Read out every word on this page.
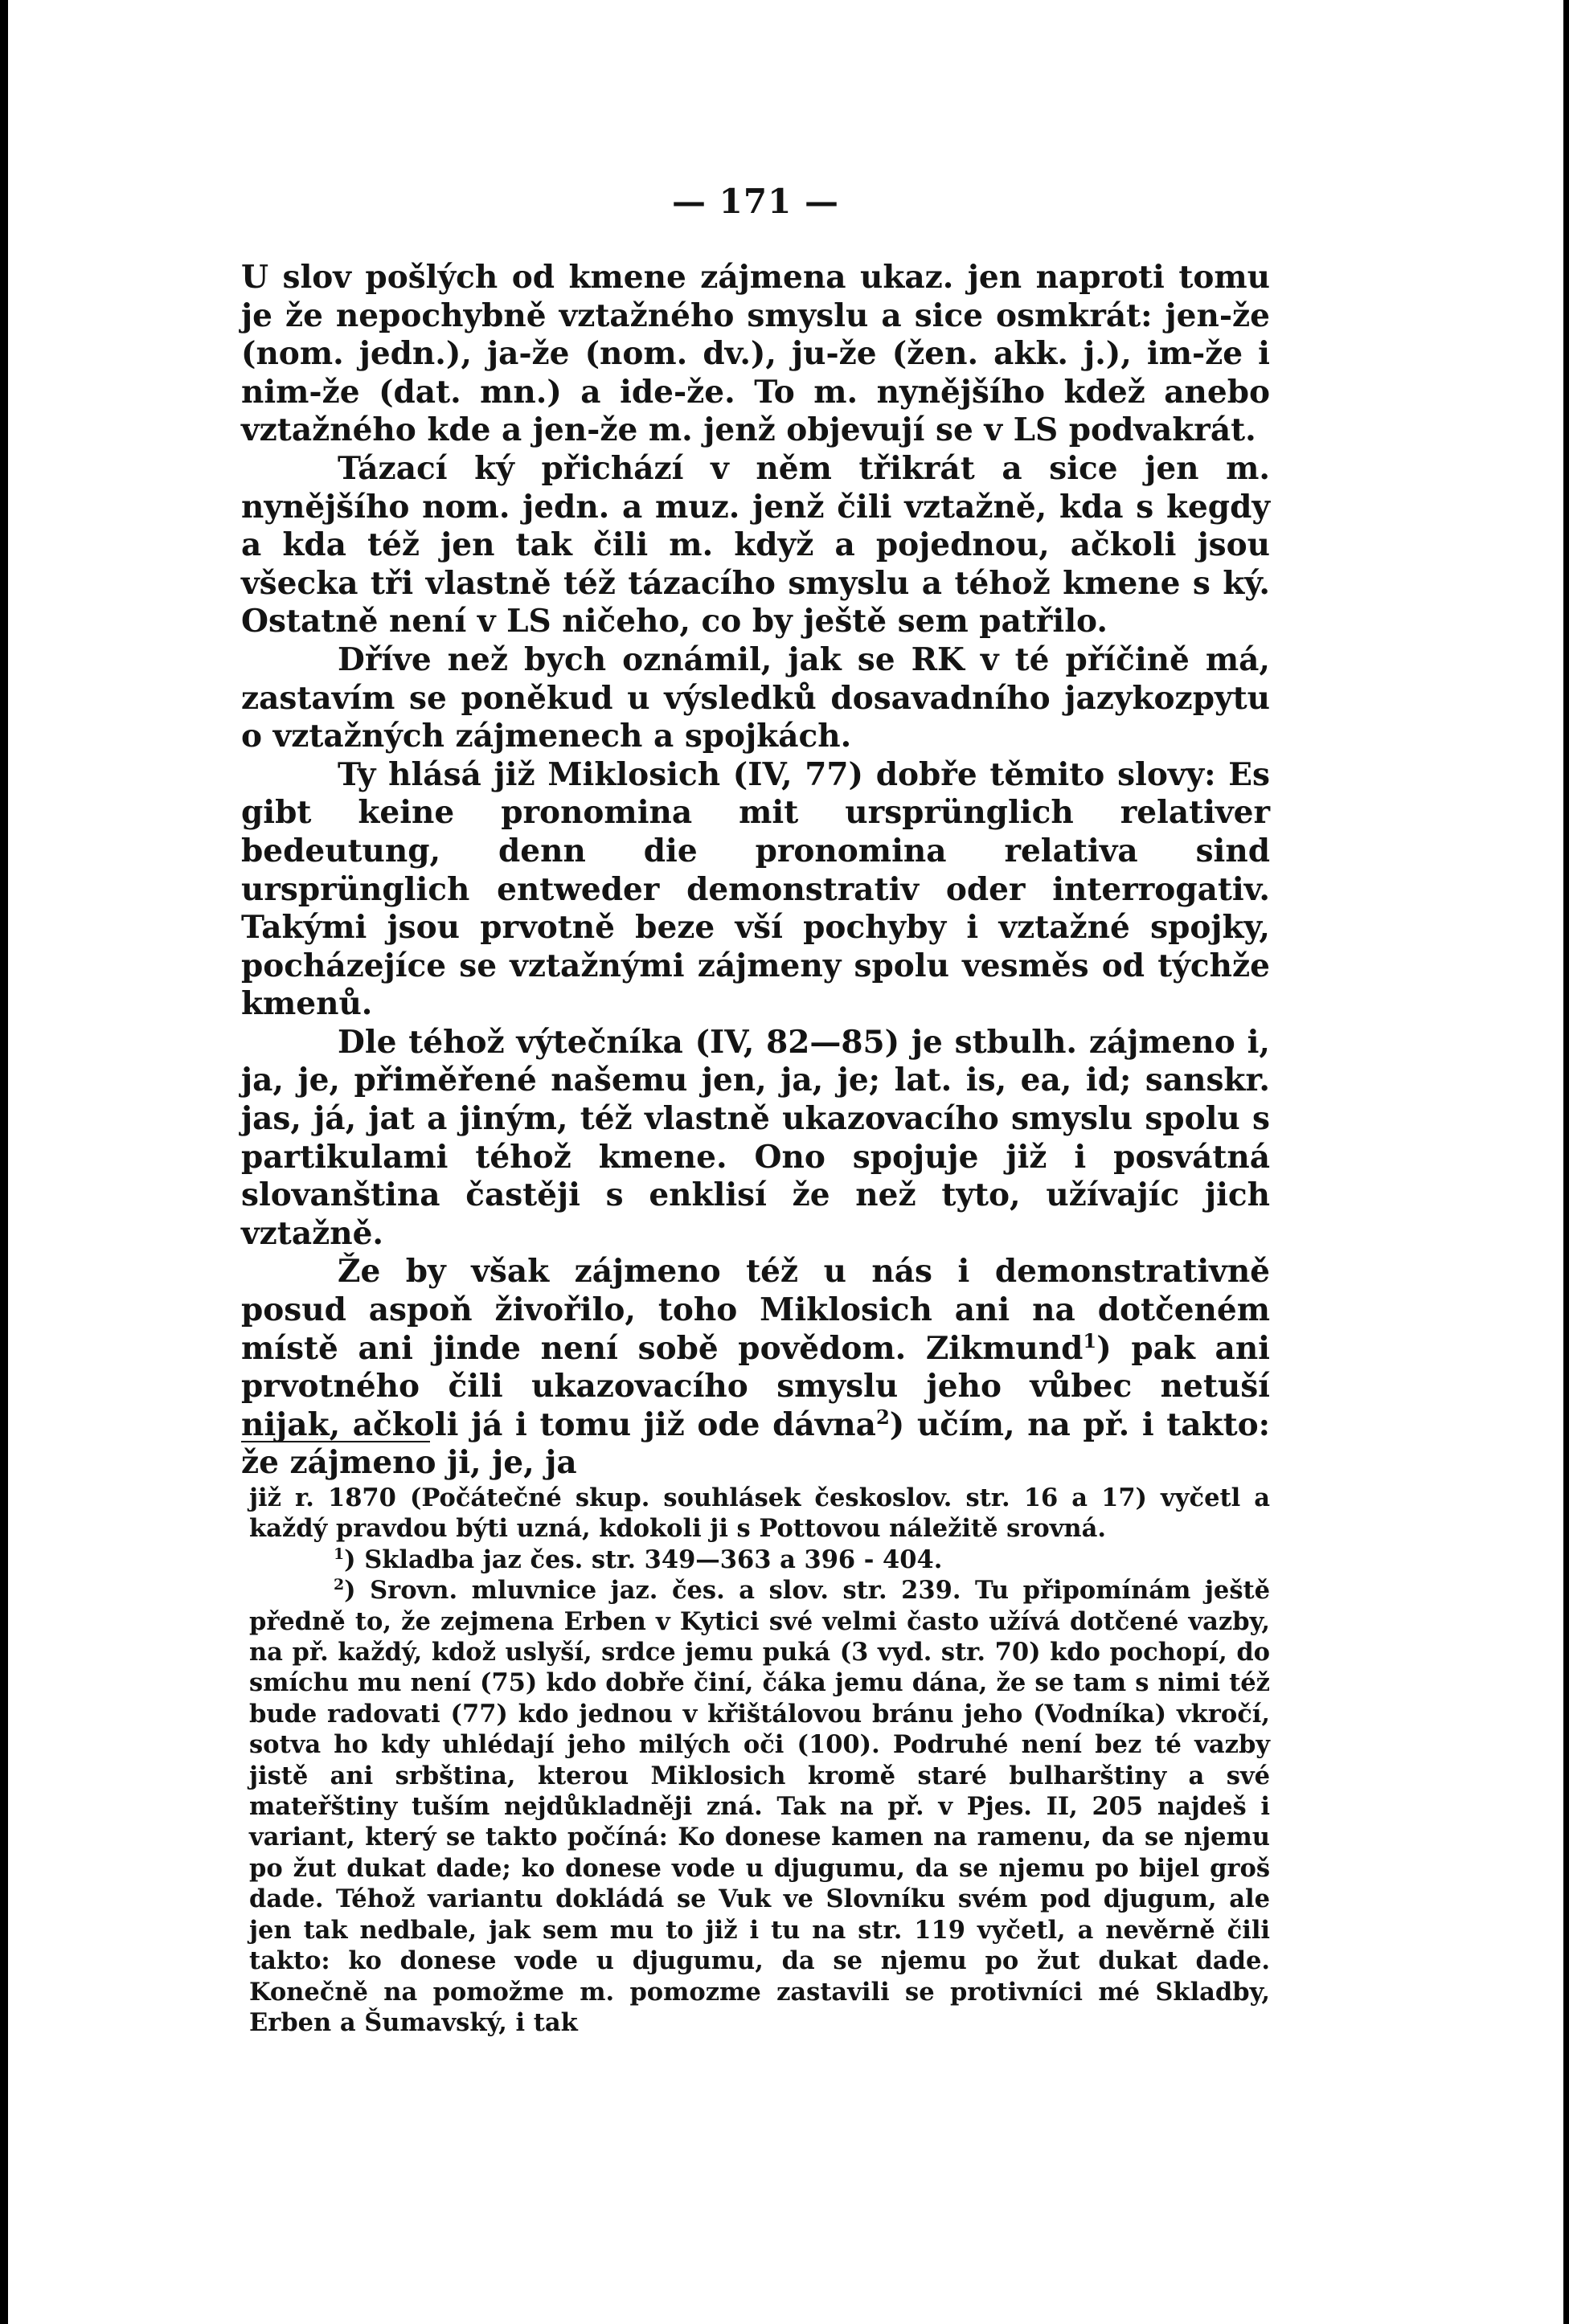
— 171 —

U slov pošlých od kmene zájmena ukaz. jen naproti tomu je že nepochybně vztažného smyslu a sice osmkrát: jen-že (nom. jedn.), ja-že (nom. dv.), ju-že (žen. akk. j.), im-že i nim-že (dat. mn.) a ide-že. To m. nynějšího kdež anebo vztažného kde a jen-že m. jenž objevují se v LS podvakrát.

Tázací ký přichází v něm třikrát a sice jen m. nynějšího nom. jedn. a muz. jenž čili vztažně, kda s kegdy a kda též jen tak čili m. když a pojednou, ačkoli jsou všecka tři vlastně též tázacího smyslu a téhož kmene s ký. Ostatně není v LS ničeho, co by ještě sem patřilo.

Dříve než bych oznámil, jak se RK v té příčině má, zastavím se poněkud u výsledků dosavadního jazykozpytu o vztažných zájmenech a spojkách.

Ty hlásá již Miklosich (IV, 77) dobře těmito slovy: Es gibt keine pronomina mit ursprünglich relativer bedeutung, denn die pronomina relativa sind ursprünglich entweder demonstrativ oder interrogativ. Takými jsou prvotně beze vší pochyby i vztažné spojky, pocházejíce se vztažnými zájmeny spolu vesměs od týchže kmenů.

Dle téhož výtečníka (IV, 82—85) je stbulh. zájmeno i, ja, je, přiměřené našemu jen, ja, je; lat. is, ea, id; sanskr. jas, já, jat a jiným, též vlastně ukazovacího smyslu spolu s partikulami téhož kmene. Ono spojuje již i posvátná slovanština častěji s enklisí že než tyto, užívajíc jich vztažně.

Že by však zájmeno též u nás i demonstrativně posud aspoň živořilo, toho Miklosich ani na dotčeném místě ani jinde není sobě povědom. Zikmund$^1$) pak ani prvotného čili ukazovacího smyslu jeho vůbec netuší nijak, ačkoli já i tomu již ode dávna$^2$) učím, na př. i takto: že zájmeno ji, je, ja

již r. 1870 (Počátečné skup. souhlásek českoslov. str. 16 a 17) vyčetl a každý pravdou býti uzná, kdokoli ji s Pottovou náležitě srovná.

$^1$) Skladba jaz čes. str. 349—363 a 396 - 404.

$^2$) Srovn. mluvnice jaz. čes. a slov. str. 239. Tu připomínám ještě předně to, že zejmena Erben v Kytici své velmi často užívá dotčené vazby, na př. každý, kdož uslyší, srdce jemu puká (3 vyd. str. 70) kdo pochopí, do smíchu mu není (75) kdo dobře činí, čáka jemu dána, že se tam s nimi též bude radovati (77) kdo jednou v křištálovou bránu jeho (Vodníka) vkročí, sotva ho kdy uhlédají jeho milých oči (100). Podruhé není bez té vazby jistě ani srbština, kterou Miklosich kromě staré bulharštiny a své mateřštiny tuším nejdůkladněji zná. Tak na př. v Pjes. II, 205 najdeš i variant, který se takto počíná: Ko donese kamen na ramenu, da se njemu po žut dukat dade; ko donese vode u djugumu, da se njemu po bijel groš dade. Téhož variantu dokládá se Vuk ve Slovníku svém pod djugum, ale jen tak nedbale, jak sem mu to již i tu na str. 119 vyčetl, a nevěrně čili takto: ko donese vode u djugumu, da se njemu po žut dukat dade. Konečně na pomožme m. pomozme zastavili se protivníci mé Skladby, Erben a Šumavský, i tak
